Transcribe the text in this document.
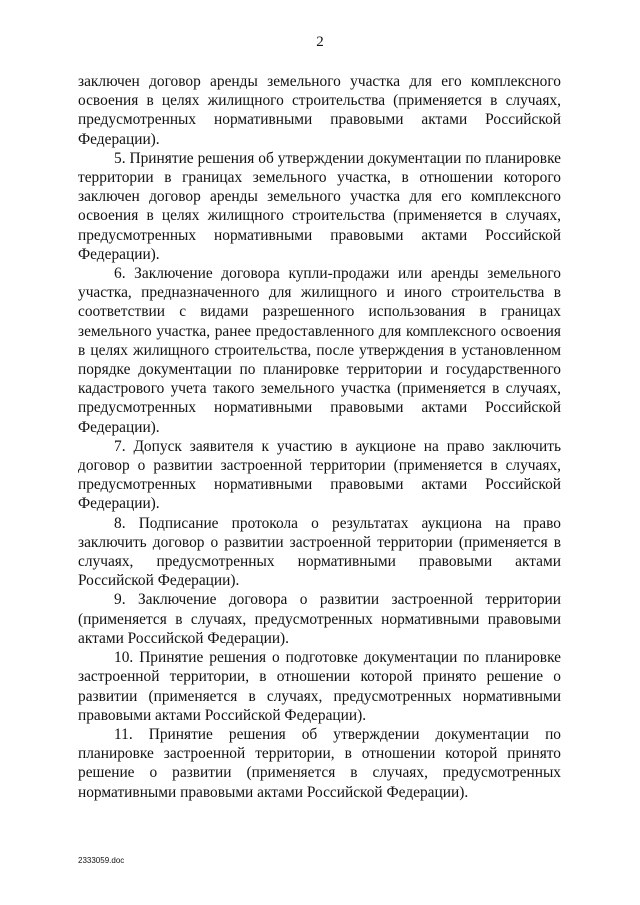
2

заключен договор аренды земельного участка для его комплексного освоения в целях жилищного строительства (применяется в случаях, предусмотренных нормативными правовыми актами Российской Федерации).

5. Принятие решения об утверждении документации по планировке территории в границах земельного участка, в отношении которого заключен договор аренды земельного участка для его комплексного освоения в целях жилищного строительства (применяется в случаях, предусмотренных нормативными правовыми актами Российской Федерации).

6. Заключение договора купли-продажи или аренды земельного участка, предназначенного для жилищного и иного строительства в соответствии с видами разрешенного использования в границах земельного участка, ранее предоставленного для комплексного освоения в целях жилищного строительства, после утверждения в установленном порядке документации по планировке территории и государственного кадастрового учета такого земельного участка (применяется в случаях, предусмотренных нормативными правовыми актами Российской Федерации).

7. Допуск заявителя к участию в аукционе на право заключить договор о развитии застроенной территории (применяется в случаях, предусмотренных нормативными правовыми актами Российской Федерации).

8. Подписание протокола о результатах аукциона на право заключить договор о развитии застроенной территории (применяется в случаях, предусмотренных нормативными правовыми актами Российской Федерации).

9. Заключение договора о развитии застроенной территории (применяется в случаях, предусмотренных нормативными правовыми актами Российской Федерации).

10. Принятие решения о подготовке документации по планировке застроенной территории, в отношении которой принято решение о развитии (применяется в случаях, предусмотренных нормативными правовыми актами Российской Федерации).

11. Принятие решения об утверждении документации по планировке застроенной территории, в отношении которой принято решение о развитии (применяется в случаях, предусмотренных нормативными правовыми актами Российской Федерации).

2333059.doc
